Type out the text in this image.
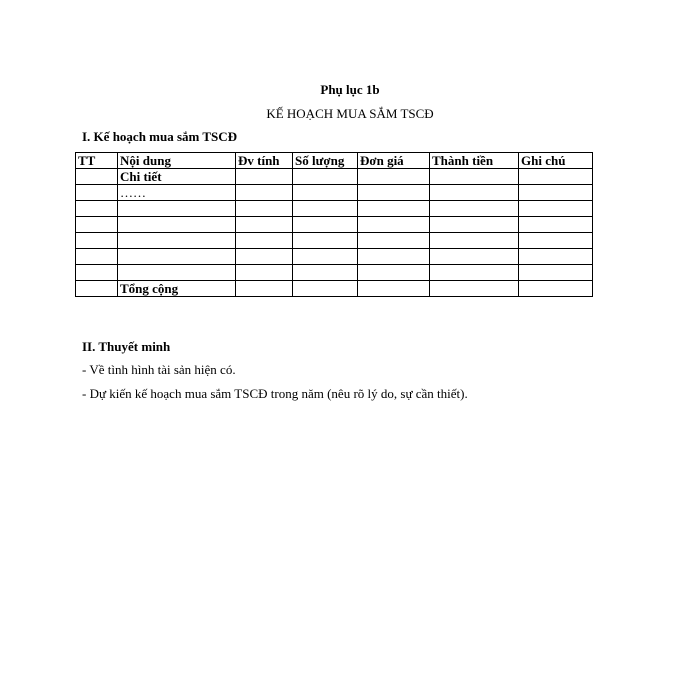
Phụ lục 1b

KẾ HOẠCH MUA SẮM TSCĐ

I. Kế hoạch mua sắm TSCĐ

TT	Nội dung	Đv tính	Số lượng	Đơn giá	Thành tiền	Ghi chú
	Chi tiết					
	……					

	Tổng cộng					

II. Thuyết minh

- Về tình hình tài sản hiện có.

- Dự kiến kế hoạch mua sắm TSCĐ trong năm (nêu rõ lý do, sự cần thiết).
